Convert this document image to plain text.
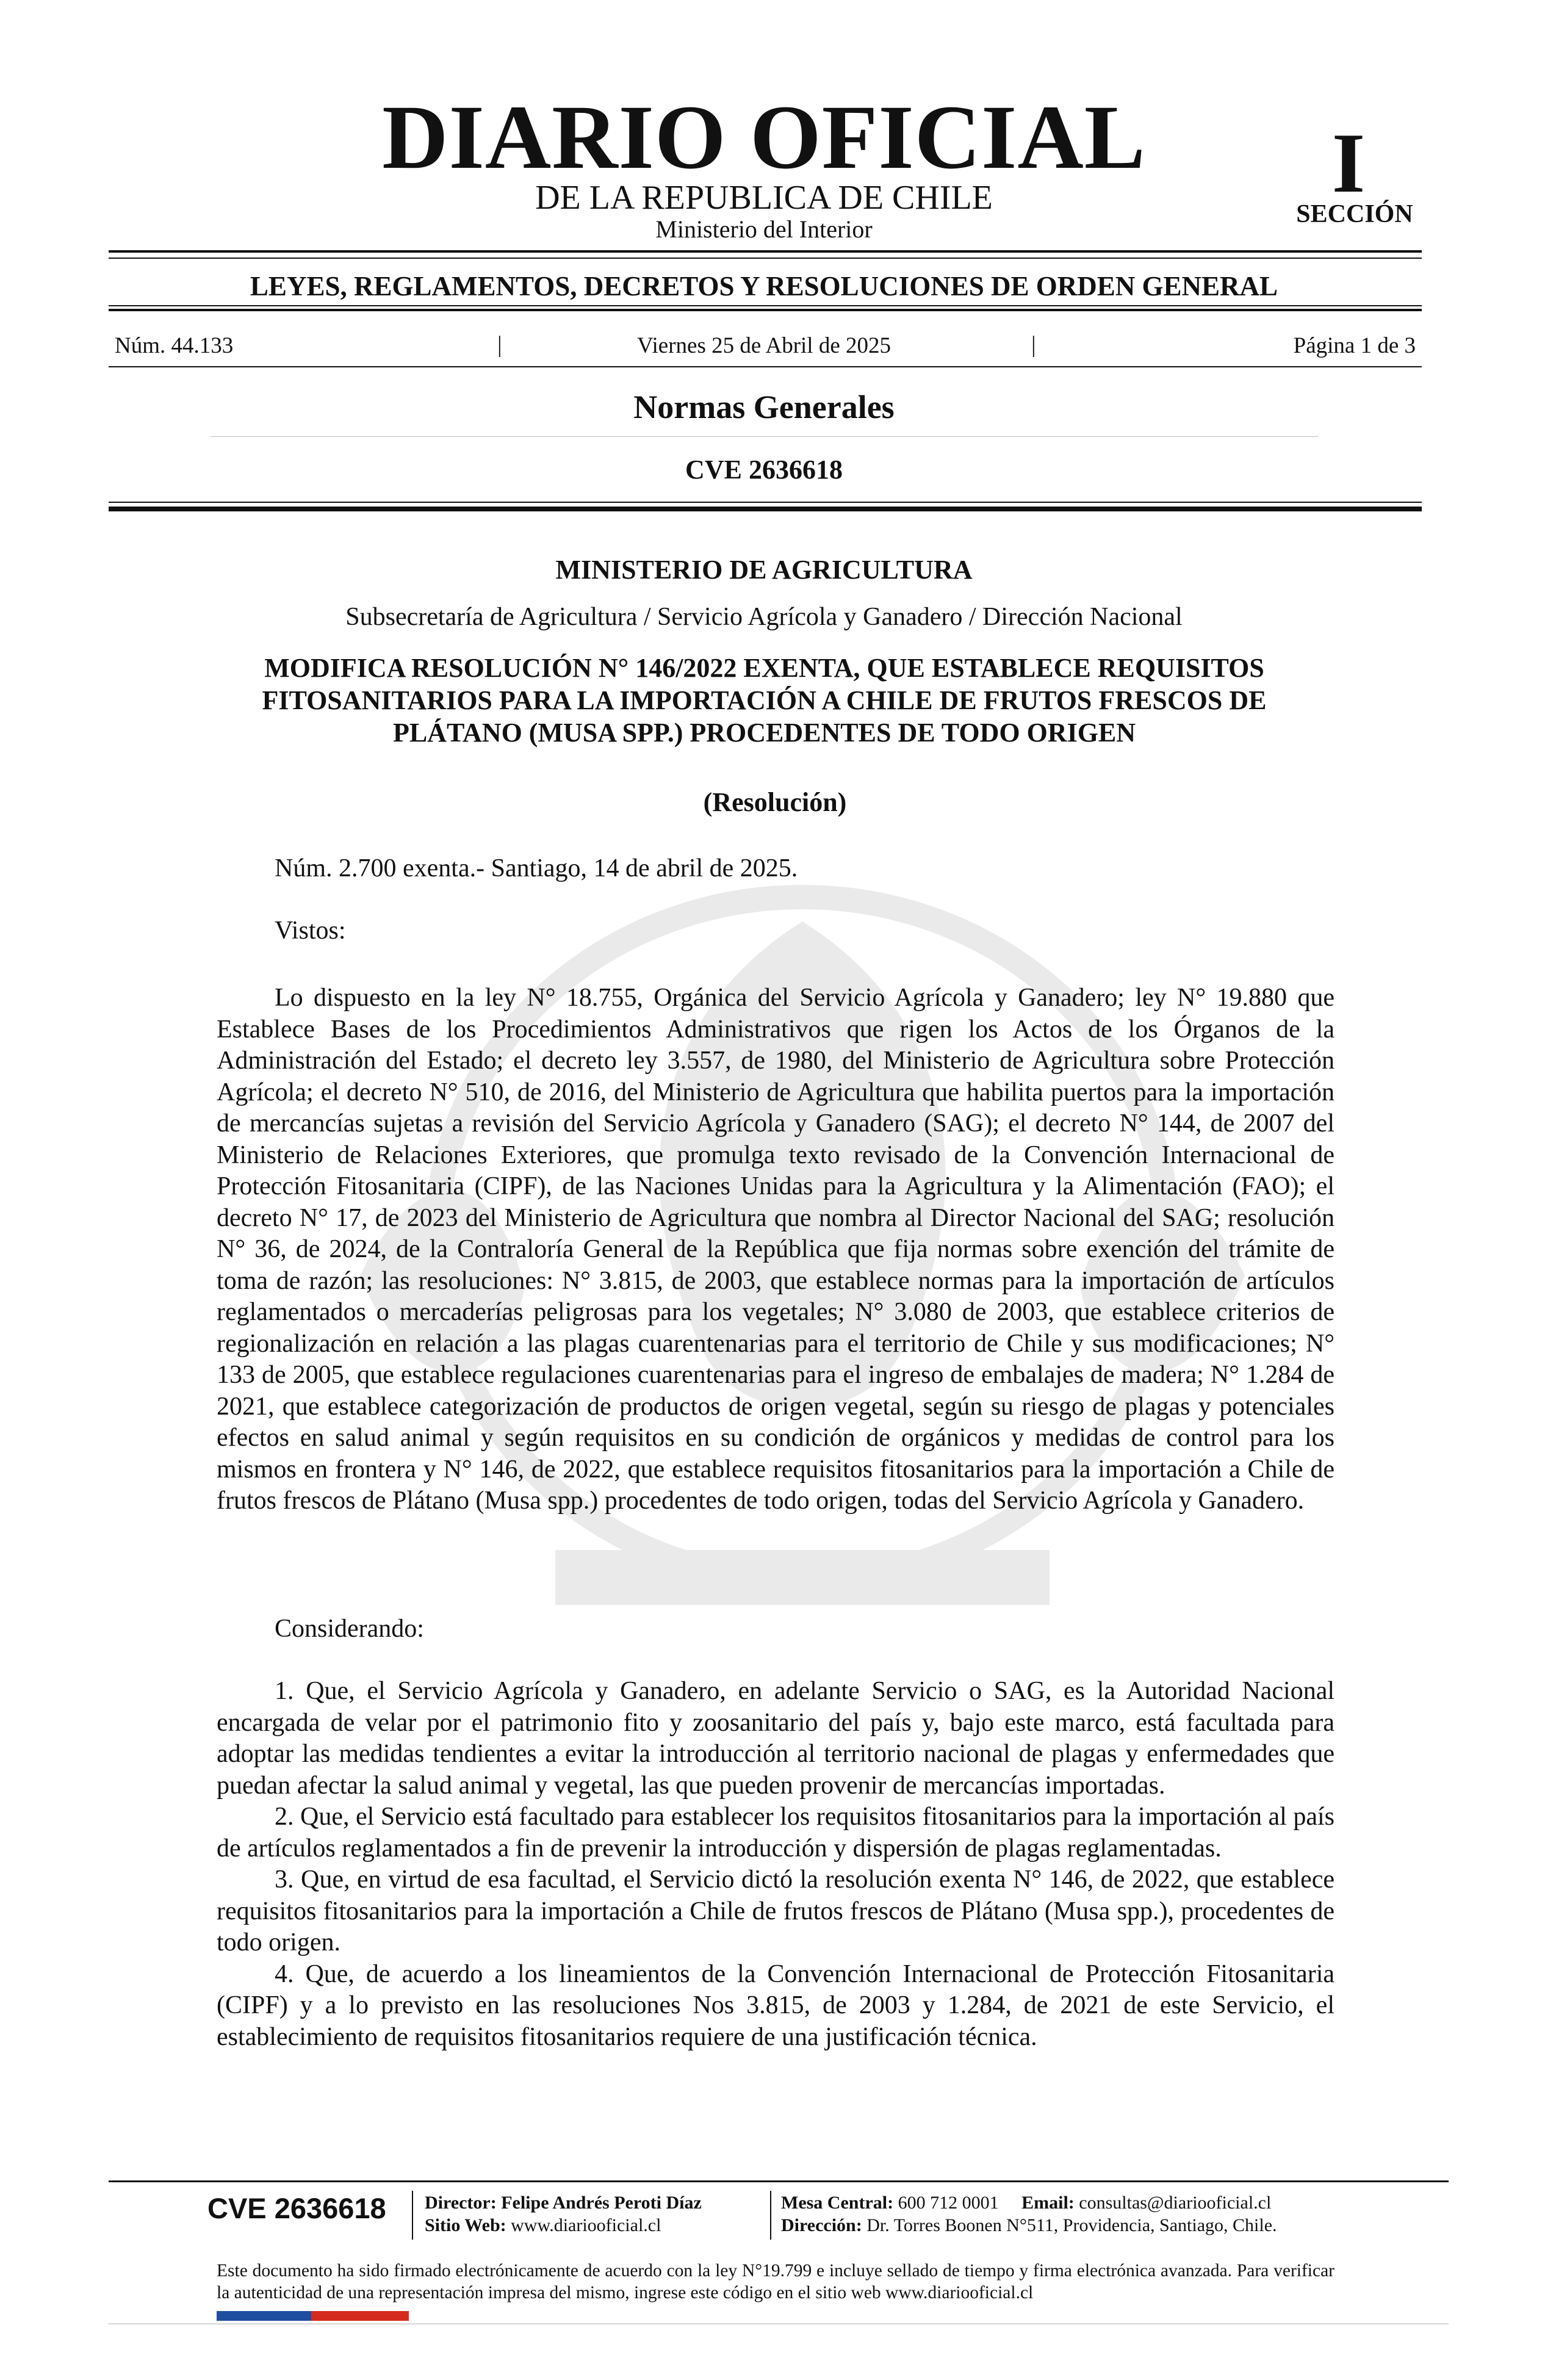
DIARIO OFICIAL
DE LA REPUBLICA DE CHILE
Ministerio del Interior
I
SECCIÓN
LEYES, REGLAMENTOS, DECRETOS Y RESOLUCIONES DE ORDEN GENERAL
Núm. 44.133	|	Viernes 25 de Abril de 2025	|	Página 1 de 3
Normas Generales
CVE 2636618
MINISTERIO DE AGRICULTURA
Subsecretaría de Agricultura / Servicio Agrícola y Ganadero / Dirección Nacional
MODIFICA RESOLUCIÓN N° 146/2022 EXENTA, QUE ESTABLECE REQUISITOS FITOSANITARIOS PARA LA IMPORTACIÓN A CHILE DE FRUTOS FRESCOS DE PLÁTANO (MUSA SPP.) PROCEDENTES DE TODO ORIGEN
(Resolución)
Núm. 2.700 exenta.- Santiago, 14 de abril de 2025.
Vistos:

Lo dispuesto en la ley N° 18.755, Orgánica del Servicio Agrícola y Ganadero; ley N° 19.880 que Establece Bases de los Procedimientos Administrativos que rigen los Actos de los Órganos de la Administración del Estado; el decreto ley 3.557, de 1980, del Ministerio de Agricultura sobre Protección Agrícola; el decreto N° 510, de 2016, del Ministerio de Agricultura que habilita puertos para la importación de mercancías sujetas a revisión del Servicio Agrícola y Ganadero (SAG); el decreto N° 144, de 2007 del Ministerio de Relaciones Exteriores, que promulga texto revisado de la Convención Internacional de Protección Fitosanitaria (CIPF), de las Naciones Unidas para la Agricultura y la Alimentación (FAO); el decreto N° 17, de 2023 del Ministerio de Agricultura que nombra al Director Nacional del SAG; resolución N° 36, de 2024, de la Contraloría General de la República que fija normas sobre exención del trámite de toma de razón; las resoluciones: N° 3.815, de 2003, que establece normas para la importación de artículos reglamentados o mercaderías peligrosas para los vegetales; N° 3.080 de 2003, que establece criterios de regionalización en relación a las plagas cuarentenarias para el territorio de Chile y sus modificaciones; N° 133 de 2005, que establece regulaciones cuarentenarias para el ingreso de embalajes de madera; N° 1.284 de 2021, que establece categorización de productos de origen vegetal, según su riesgo de plagas y potenciales efectos en salud animal y según requisitos en su condición de orgánicos y medidas de control para los mismos en frontera y N° 146, de 2022, que establece requisitos fitosanitarios para la importación a Chile de frutos frescos de Plátano (Musa spp.) procedentes de todo origen, todas del Servicio Agrícola y Ganadero.

Considerando:

1. Que, el Servicio Agrícola y Ganadero, en adelante Servicio o SAG, es la Autoridad Nacional encargada de velar por el patrimonio fito y zoosanitario del país y, bajo este marco, está facultada para adoptar las medidas tendientes a evitar la introducción al territorio nacional de plagas y enfermedades que puedan afectar la salud animal y vegetal, las que pueden provenir de mercancías importadas.

2. Que, el Servicio está facultado para establecer los requisitos fitosanitarios para la importación al país de artículos reglamentados a fin de prevenir la introducción y dispersión de plagas reglamentadas.

3. Que, en virtud de esa facultad, el Servicio dictó la resolución exenta N° 146, de 2022, que establece requisitos fitosanitarios para la importación a Chile de frutos frescos de Plátano (Musa spp.), procedentes de todo origen.

4. Que, de acuerdo a los lineamientos de la Convención Internacional de Protección Fitosanitaria (CIPF) y a lo previsto en las resoluciones Nos 3.815, de 2003 y 1.284, de 2021 de este Servicio, el establecimiento de requisitos fitosanitarios requiere de una justificación técnica.

CVE 2636618 Director: Felipe Andrés Peroti Díaz
Sitio Web: www.diariooficial.cl
Mesa Central: 600 712 0001 Email: consultas@diariooficial.cl
Dirección: Dr. Torres Boonen N°511, Providencia, Santiago, Chile.
Este documento ha sido firmado electrónicamente de acuerdo con la ley N°19.799 e incluye sellado de tiempo y firma electrónica avanzada. Para verificar la autenticidad de una representación impresa del mismo, ingrese este código en el sitio web www.diariooficial.cl
